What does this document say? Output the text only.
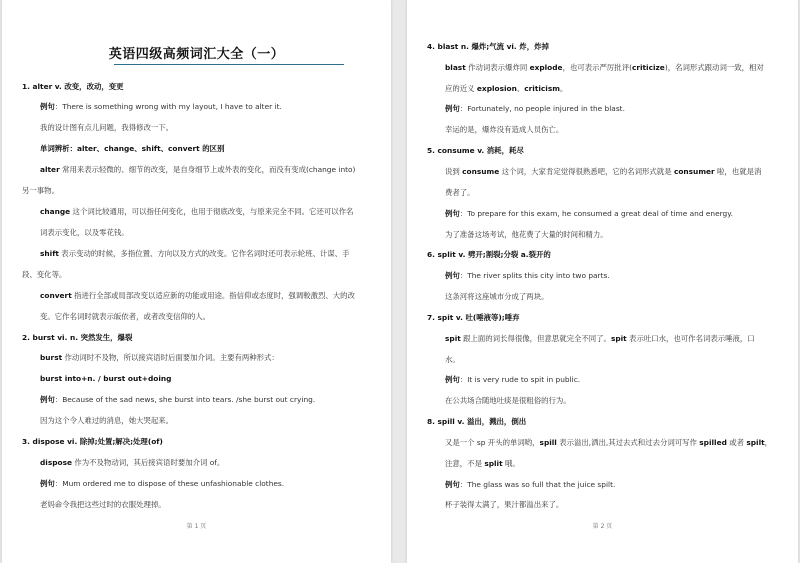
英语四级高频词汇大全（一）
1. alter v. 改变，改动，变更
例句：There is something wrong with my layout, I have to alter it.
我的设计图有点儿问题，我得修改一下。
单词辨析：alter、change、shift、convert 的区别
alter 常用来表示轻微的、细节的改变，是自身细节上或外表的变化，而没有变成(change into)
另一事物。
change 这个词比较通用，可以指任何变化，也用于彻底改变，与原来完全不同。它还可以作名
词表示变化，以及零花钱。
shift 表示变动的时候，多指位置、方向以及方式的改变。它作名词时还可表示轮班、计谋、手
段、变化等。
convert 指进行全部或局部改变以适应新的功能或用途。指信仰或态度时，强调較激烈、大的改
变。它作名词时就表示皈依者，或者改变信仰的人。
2. burst vi. n. 突然发生，爆裂
burst 作动词时不及物，所以接宾语时后面要加介词。主要有两种形式：
burst into+n. / burst out+doing
例句：Because of the sad news, she burst into tears. /she burst out crying.
因为这个令人难过的消息，她大哭起来。
3. dispose vi. 除掉;处置;解决;处理(of)
dispose 作为不及物动词，其后接宾语时要加介词 of。
例句：Mum ordered me to dispose of these unfashionable clothes.
老妈命令我把这些过时的衣服处理掉。
第 1 页
4. blast n. 爆炸;气流 vi. 炸，炸掉
blast 作动词表示爆炸同 explode，也可表示严厉批评(criticize)，名词形式跟动词一致，相对
应的近义 explosion、criticism。
例句：Fortunately, no people injured in the blast.
幸运的是，爆炸没有造成人员伤亡。
5. consume v. 消耗，耗尽
说到 consume 这个词，大家肯定觉得很熟悉吧，它的名词形式就是 consumer 啦，也就是消
费者了。
例句：To prepare for this exam, he consumed a great deal of time and energy.
为了准备这场考试，他花费了大量的时间和精力。
6. split v. 劈开;割裂;分裂 a.裂开的
例句：The river splits this city into two parts.
这条河将这座城市分成了两块。
7. spit v. 吐(唾液等);唾弃
spit 跟上面的词长得很像，但意思就完全不同了。spit 表示吐口水，也可作名词表示唾液，口
水。
例句：It is very rude to spit in public.
在公共场合随地吐痰是很粗俗的行为。
8. spill v. 溢出，溅出，倒出
又是一个 sp 开头的单词哟，spill 表示溢出,洒出,其过去式和过去分词可写作 spilled 或者 spilt，
注意，不是 split 哦。
例句：The glass was so full that the juice spilt.
杯子装得太满了，果汁都溢出来了。
第 2 页
